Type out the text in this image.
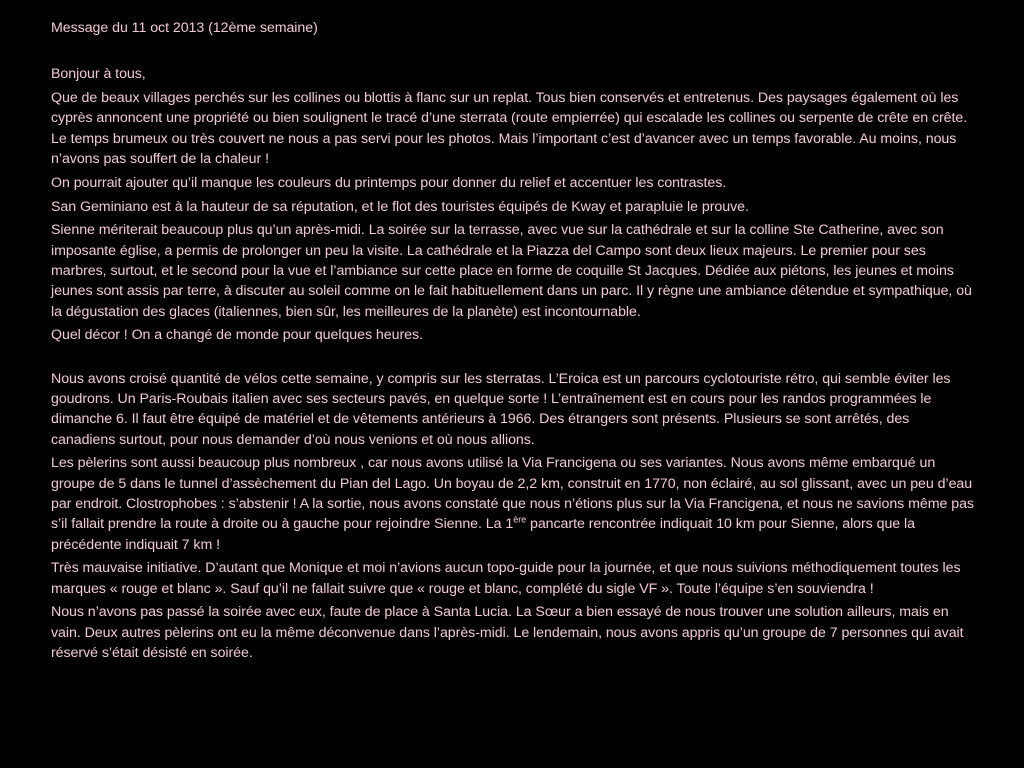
Message du 11 oct 2013 (12ème semaine)

Bonjour à tous,

Que de beaux villages perchés sur les collines ou blottis à flanc sur un replat. Tous bien conservés et entretenus. Des paysages également où les cyprès annoncent une propriété ou bien soulignent le tracé d’une sterrata (route empierrée) qui escalade les collines ou serpente de crête en crête. Le temps brumeux ou très couvert ne nous a pas servi pour les photos. Mais l’important c’est d’avancer avec un temps favorable. Au moins, nous n’avons pas souffert de la chaleur !

On pourrait ajouter qu’il manque les couleurs du printemps pour donner du relief et accentuer les contrastes.

San Geminiano est à la hauteur de sa réputation, et le flot des touristes équipés de Kway et parapluie le prouve.

Sienne mériterait beaucoup plus qu’un après-midi. La soirée sur la terrasse, avec vue sur la cathédrale et sur la colline Ste Catherine, avec son imposante église, a permis de prolonger un peu la visite. La cathédrale et la Piazza del Campo sont deux lieux majeurs. Le premier pour ses marbres, surtout, et le second pour la vue et l’ambiance sur cette place en forme de coquille St Jacques. Dédiée aux piétons, les jeunes et moins jeunes sont assis par terre, à discuter au soleil comme on le fait habituellement dans un parc. Il y règne une ambiance détendue et sympathique, où la dégustation des glaces (italiennes, bien sûr, les meilleures de la planète) est incontournable.

Quel décor ! On a changé de monde pour quelques heures.

Nous avons croisé quantité de vélos cette semaine, y compris sur les sterratas. L’Eroica est un parcours cyclotouriste rétro, qui semble éviter les goudrons. Un Paris-Roubais italien avec ses secteurs pavés, en quelque sorte ! L’entraînement est en cours pour les randos programmées le dimanche 6. Il faut être équipé de matériel et de vêtements antérieurs à 1966. Des étrangers sont présents. Plusieurs se sont arrêtés, des canadiens surtout, pour nous demander d’où nous venions et où nous allions.

Les pèlerins sont aussi beaucoup plus nombreux , car nous avons utilisé la Via Francigena ou ses variantes. Nous avons même embarqué un groupe de 5 dans le tunnel d’assèchement du Pian del Lago. Un boyau de 2,2 km, construit en 1770, non éclairé, au sol glissant, avec un peu d’eau par endroit. Clostrophobes : s’abstenir ! A la sortie, nous avons constaté que nous n’étions plus sur la Via Francigena, et nous ne savions même pas s’il fallait prendre la route à droite ou à gauche pour rejoindre Sienne. La 1ère pancarte rencontrée indiquait 10 km pour Sienne, alors que la précédente indiquait 7 km !

Très mauvaise initiative. D’autant que Monique et moi n’avions aucun topo-guide pour la journée, et que nous suivions méthodiquement toutes les marques « rouge et blanc ». Sauf qu’il ne fallait suivre que « rouge et blanc, complété du sigle VF ». Toute l’équipe s’en souviendra !

Nous n’avons pas passé la soirée avec eux, faute de place à Santa Lucia. La Sœur a bien essayé de nous trouver une solution ailleurs, mais en vain. Deux autres pèlerins ont eu la même déconvenue dans l’après-midi. Le lendemain, nous avons appris qu’un groupe de 7 personnes qui avait réservé s’était désisté en soirée.
